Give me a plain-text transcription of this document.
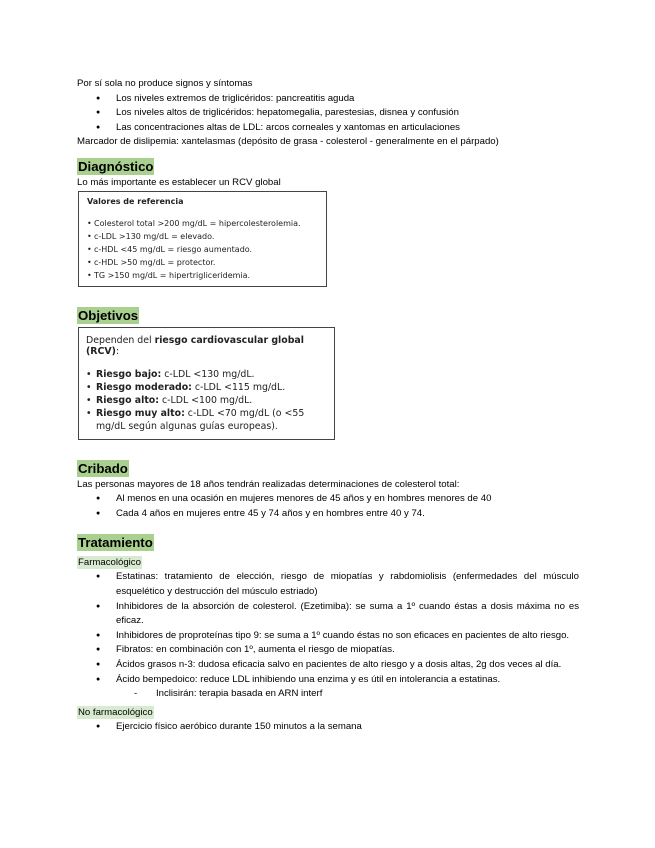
Por sí sola no produce signos y síntomas
● Los niveles extremos de triglicéridos: pancreatitis aguda
● Los niveles altos de triglicéridos: hepatomegalia, parestesias, disnea y confusión
● Las concentraciones altas de LDL: arcos corneales y xantomas en articulaciones
Marcador de dislipemia: xantelasmas (depósito de grasa - colesterol - generalmente en el párpado)
Diagnóstico
Lo más importante es establecer un RCV global
Valores de referencia
• Colesterol total >200 mg/dL = hipercolesterolemia.
• c-LDL >130 mg/dL = elevado.
• c-HDL <45 mg/dL = riesgo aumentado.
• c-HDL >50 mg/dL = protector.
• TG >150 mg/dL = hipertrigliceridemia.
Objetivos
Dependen del riesgo cardiovascular global (RCV):
• Riesgo bajo: c-LDL <130 mg/dL.
• Riesgo moderado: c-LDL <115 mg/dL.
• Riesgo alto: c-LDL <100 mg/dL.
• Riesgo muy alto: c-LDL <70 mg/dL (o <55 mg/dL según algunas guías europeas).
Cribado
Las personas mayores de 18 años tendrán realizadas determinaciones de colesterol total:
● Al menos en una ocasión en mujeres menores de 45 años y en hombres menores de 40
● Cada 4 años en mujeres entre 45 y 74 años y en hombres entre 40 y 74.
Tratamiento
Farmacológico
● Estatinas: tratamiento de elección, riesgo de miopatías y rabdomiolisis (enfermedades del músculo esquelético y destrucción del músculo estriado)
● Inhibidores de la absorción de colesterol. (Ezetimiba): se suma a 1º cuando éstas a dosis máxima no es eficaz.
● Inhibidores de proproteínas tipo 9: se suma a 1º cuando éstas no son eficaces en pacientes de alto riesgo.
● Fibratos: en combinación con 1º, aumenta el riesgo de miopatías.
● Ácidos grasos n-3: dudosa eficacia salvo en pacientes de alto riesgo y a dosis altas, 2g dos veces al día.
● Ácido bempedoico: reduce LDL inhibiendo una enzima y es útil en intolerancia a estatinas.
- Inclisirán: terapia basada en ARN interf
No farmacológico
● Ejercicio físico aeróbico durante 150 minutos a la semana
